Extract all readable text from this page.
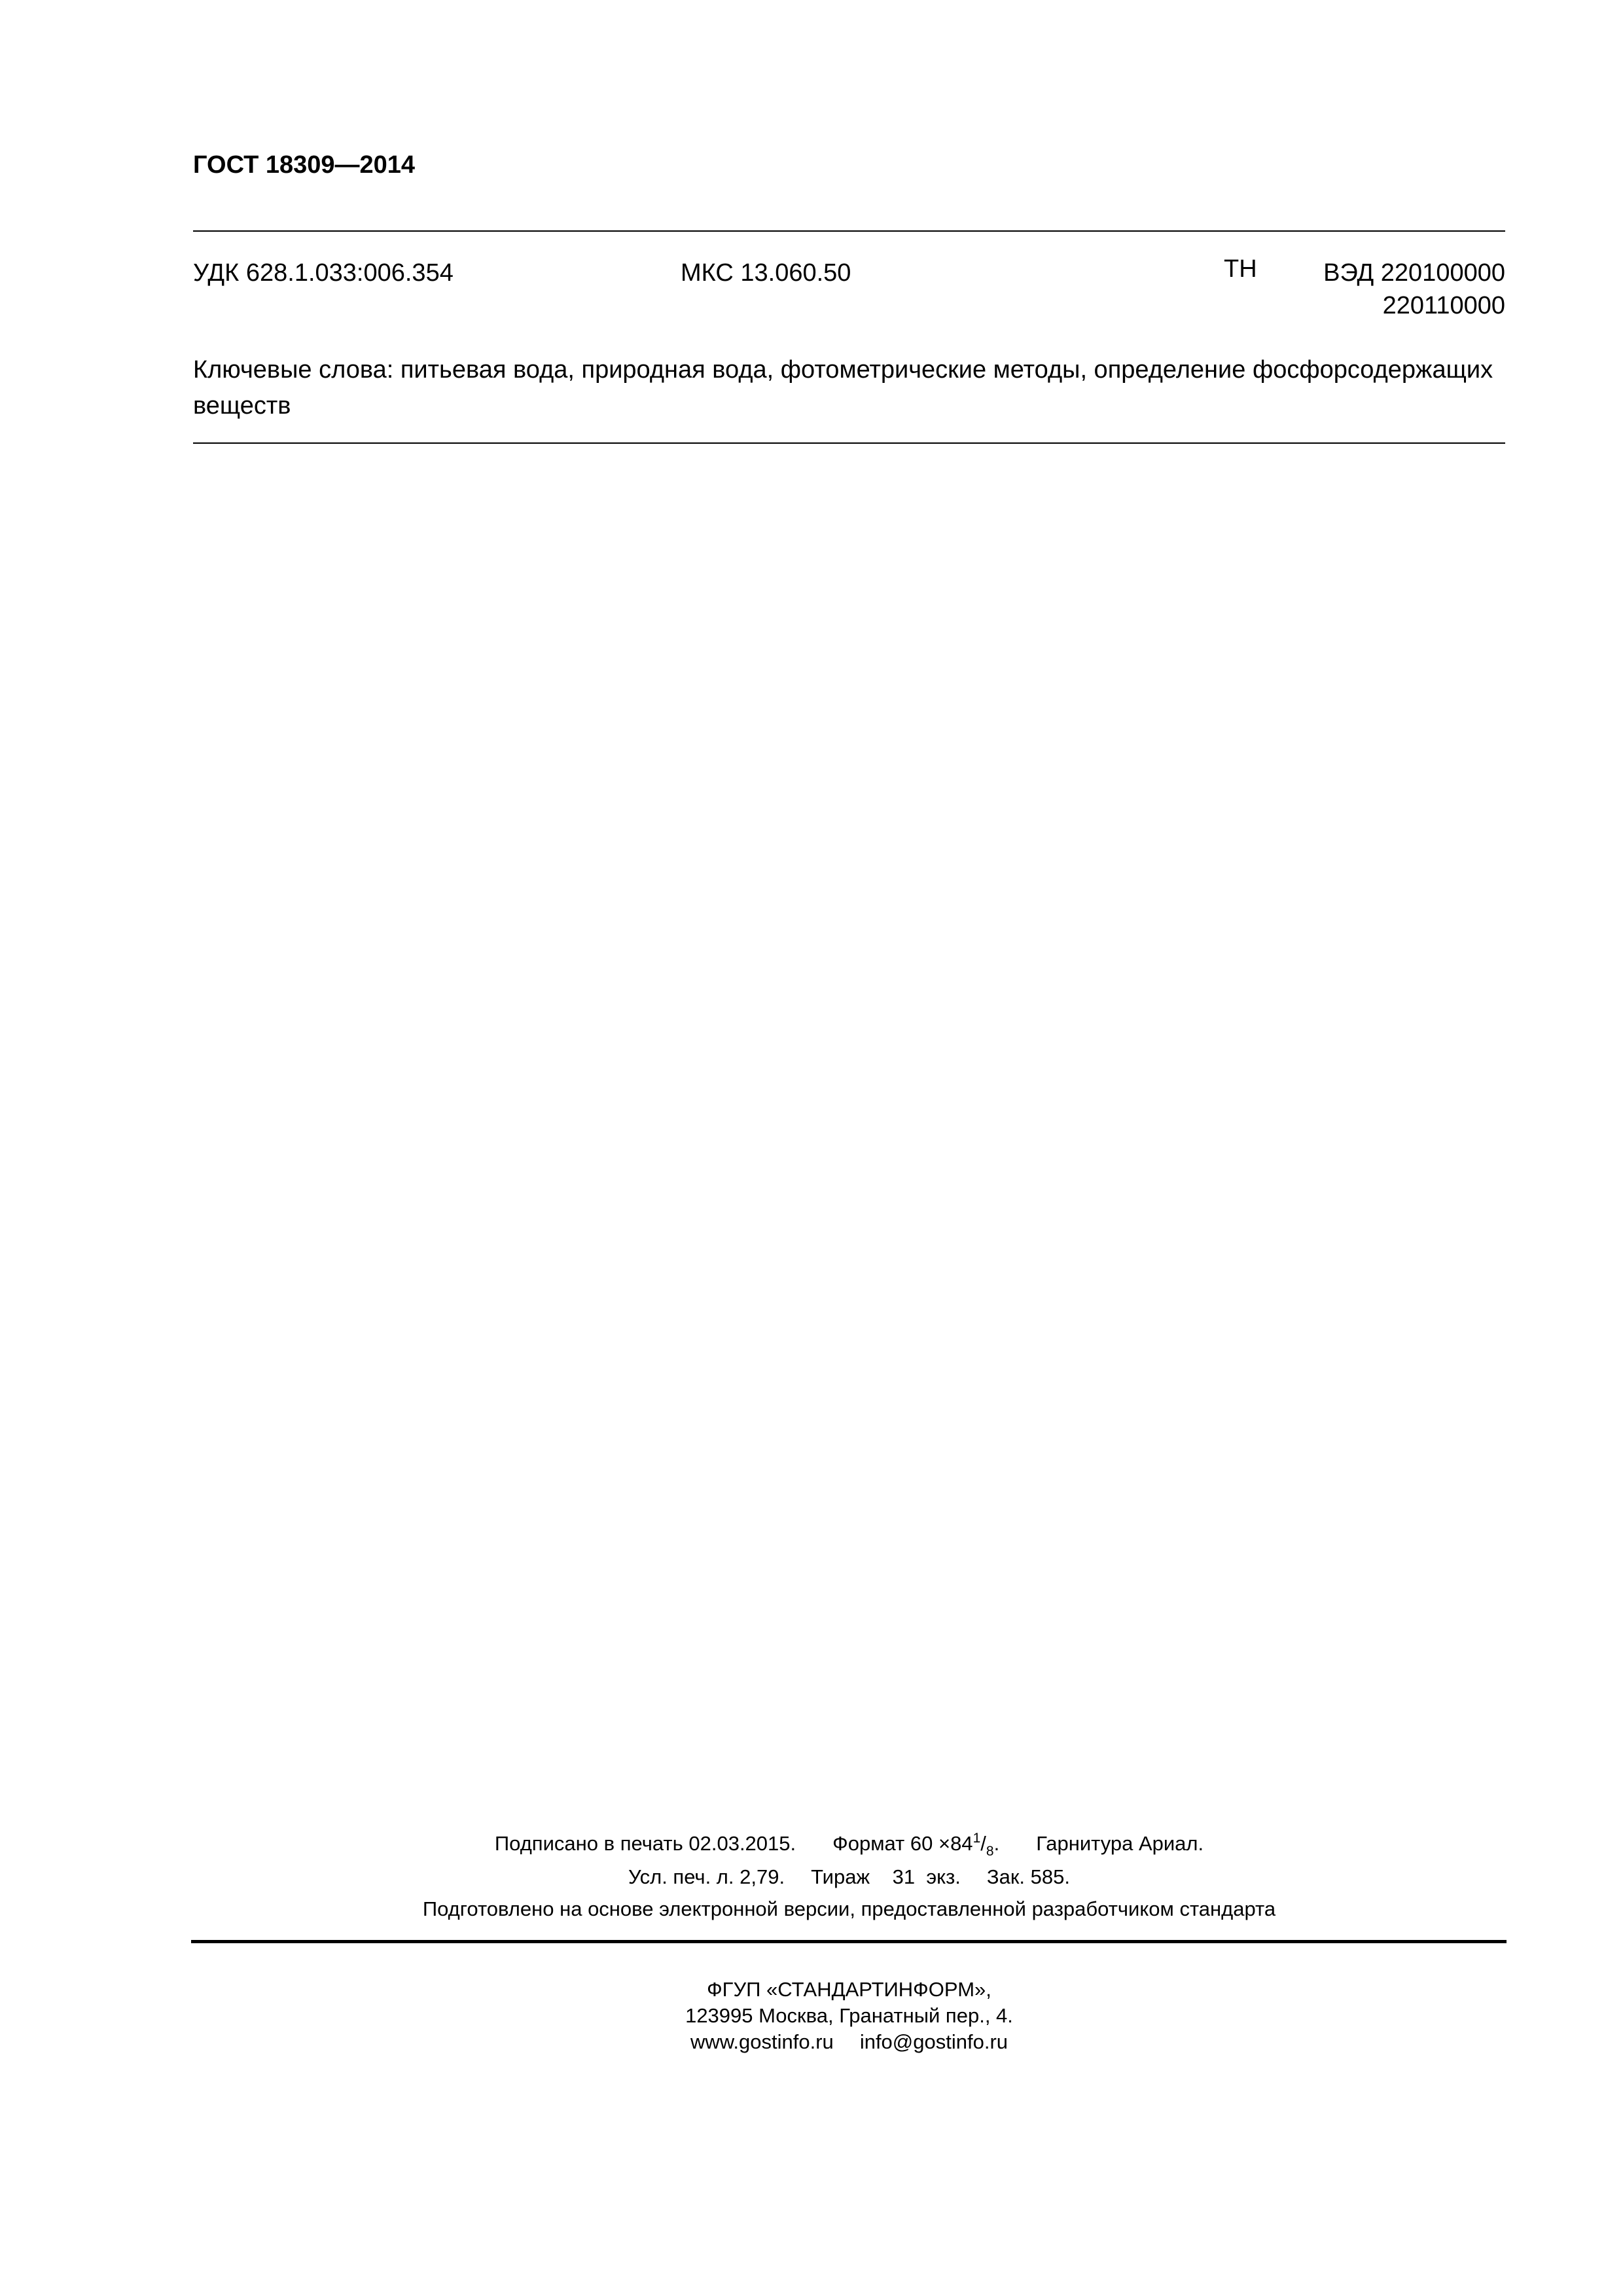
ГОСТ 18309—2014
УДК 628.1.033:006.354	МКС 13.060.50	ТН	ВЭД 220100000
220110000

Ключевые слова: питьевая вода, природная вода, фотометрические методы, определение фосфорсодержащих веществ

Подписано в печать 02.03.2015. Формат $60 \times 84^1/_8$. Гарнитура Ариал.
Усл. печ. л. 2,79. Тираж 31 экз. Зак. 585.
Подготовлено на основе электронной версии, предоставленной разработчиком стандарта
ФГУП «СТАНДАРТИНФОРМ»,
123995 Москва, Гранатный пер., 4.
www.gostinfo.ru info@gostinfo.ru
